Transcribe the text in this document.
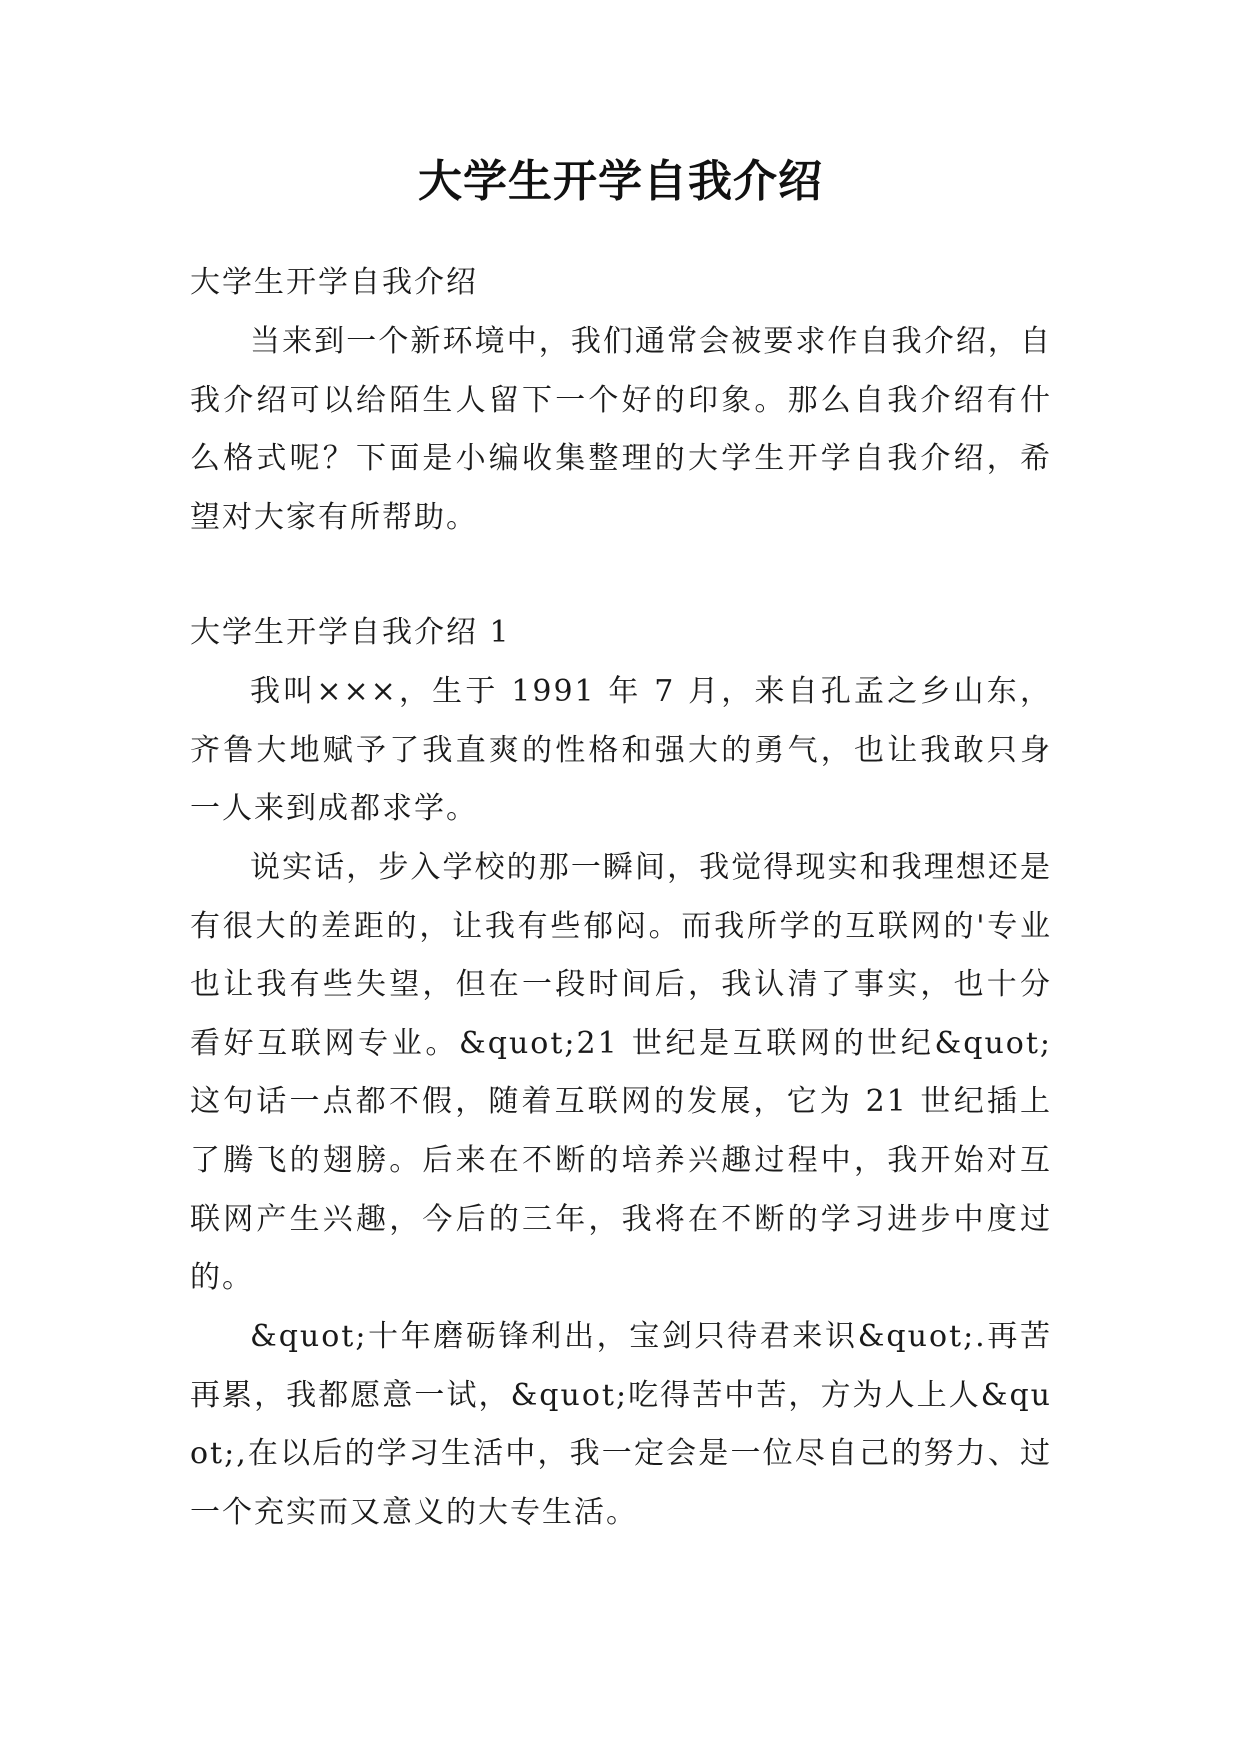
大学生开学自我介绍

大学生开学自我介绍

当来到一个新环境中，我们通常会被要求作自我介绍，自我介绍可以给陌生人留下一个好的印象。那么自我介绍有什么格式呢？下面是小编收集整理的大学生开学自我介绍，希望对大家有所帮助。

大学生开学自我介绍 1

我叫×××，生于 1991 年 7 月，来自孔孟之乡山东，齐鲁大地赋予了我直爽的性格和强大的勇气，也让我敢只身一人来到成都求学。

说实话，步入学校的那一瞬间，我觉得现实和我理想还是有很大的差距的，让我有些郁闷。而我所学的互联网的'专业也让我有些失望，但在一段时间后，我认清了事实，也十分看好互联网专业。&quot;21 世纪是互联网的世纪&quot;这句话一点都不假，随着互联网的发展，它为 21 世纪插上了腾飞的翅膀。后来在不断的培养兴趣过程中，我开始对互联网产生兴趣，今后的三年，我将在不断的学习进步中度过的。

&quot;十年磨砺锋利出，宝剑只待君来识&quot;.再苦再累，我都愿意一试，&quot;吃得苦中苦，方为人上人&quot;,在以后的学习生活中，我一定会是一位尽自己的努力、过一个充实而又意义的大专生活。
